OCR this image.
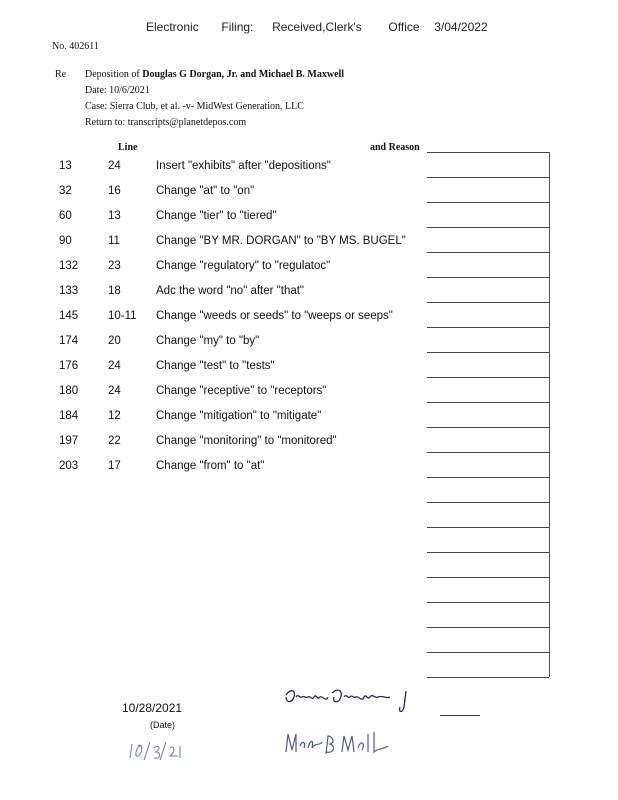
Electronic Filing: Received,Clerk's Office 3/04/2022
No. 402611
Re Deposition of Douglas G Dorgan, Jr. and Michael B. Maxwell
Date: 10/6/2021
Case: Sierra Club, et al. -v- MidWest Generation, LLC
Return to: transcripts@planetdepos.com
Line	and Reason
13	24	Insert "exhibits" after "depositions"
32	16	Change "at" to "on"
60	13	Change "tier" to "tiered"
90	11	Change "BY MR. DORGAN" to "BY MS. BUGEL"
132	23	Change "regulatory" to "regulatoc"
133	18	Adc the word "no" after "that"
145	10-11 Change "weeds or seeds" to "weeps or seeps"
174	20	Change "my" to "by"
176	24	Change "test" to "tests"
180	24	Change "receptive" to "receptors"
184	12	Change "mitigation" to "mitigate"
197	22	Change "monitoring" to "monitored"
203	17	Change "from" to "at"
10/28/2021
(Date)
